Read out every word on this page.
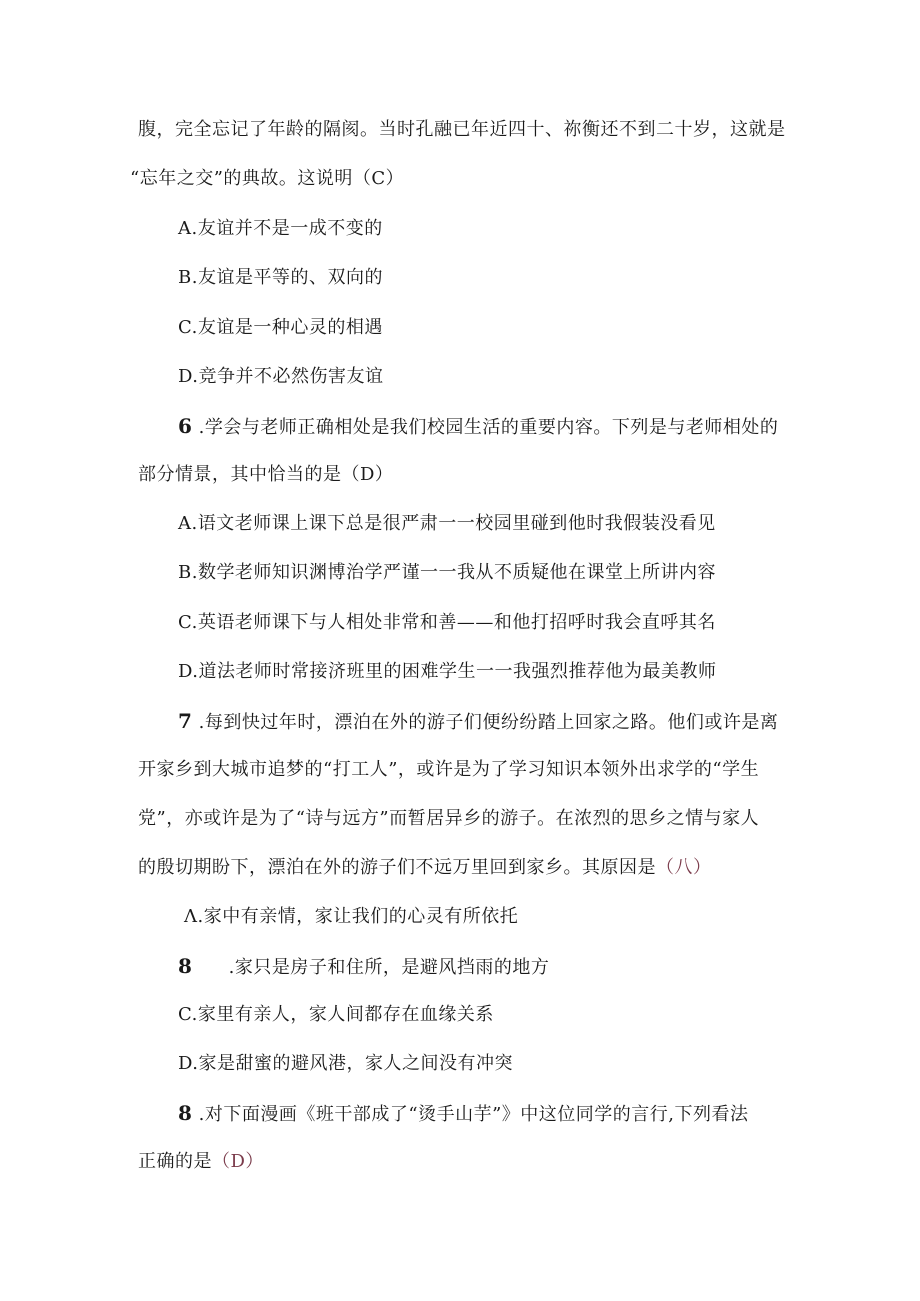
腹，完全忘记了年龄的隔阂。当时孔融已年近四十、祢衡还不到二十岁，这就是
“忘年之交”的典故。这说明（C）
A.友谊并不是一成不变的
B.友谊是平等的、双向的
C.友谊是一种心灵的相遇
D.竞争并不必然伤害友谊
6 .学会与老师正确相处是我们校园生活的重要内容。下列是与老师相处的
部分情景，其中恰当的是（D）
A.语文老师课上课下总是很严肃一一校园里碰到他时我假装没看见
B.数学老师知识渊博治学严谨一一我从不质疑他在课堂上所讲内容
C.英语老师课下与人相处非常和善——和他打招呼时我会直呼其名
D.道法老师时常接济班里的困难学生一一我强烈推荐他为最美教师
7 .每到快过年时，漂泊在外的游子们便纷纷踏上回家之路。他们或许是离
开家乡到大城市追梦的“打工人”，或许是为了学习知识本领外出求学的“学生
党”，亦或许是为了“诗与远方”而暂居异乡的游子。在浓烈的思乡之情与家人
的殷切期盼下，漂泊在外的游子们不远万里回到家乡。其原因是（八）
Λ.家中有亲情，家让我们的心灵有所依托
8 .家只是房子和住所，是避风挡雨的地方
C.家里有亲人，家人间都存在血缘关系
D.家是甜蜜的避风港，家人之间没有冲突
8 .对下面漫画《班干部成了“烫手山芋”》中这位同学的言行,下列看法
正确的是（D）
